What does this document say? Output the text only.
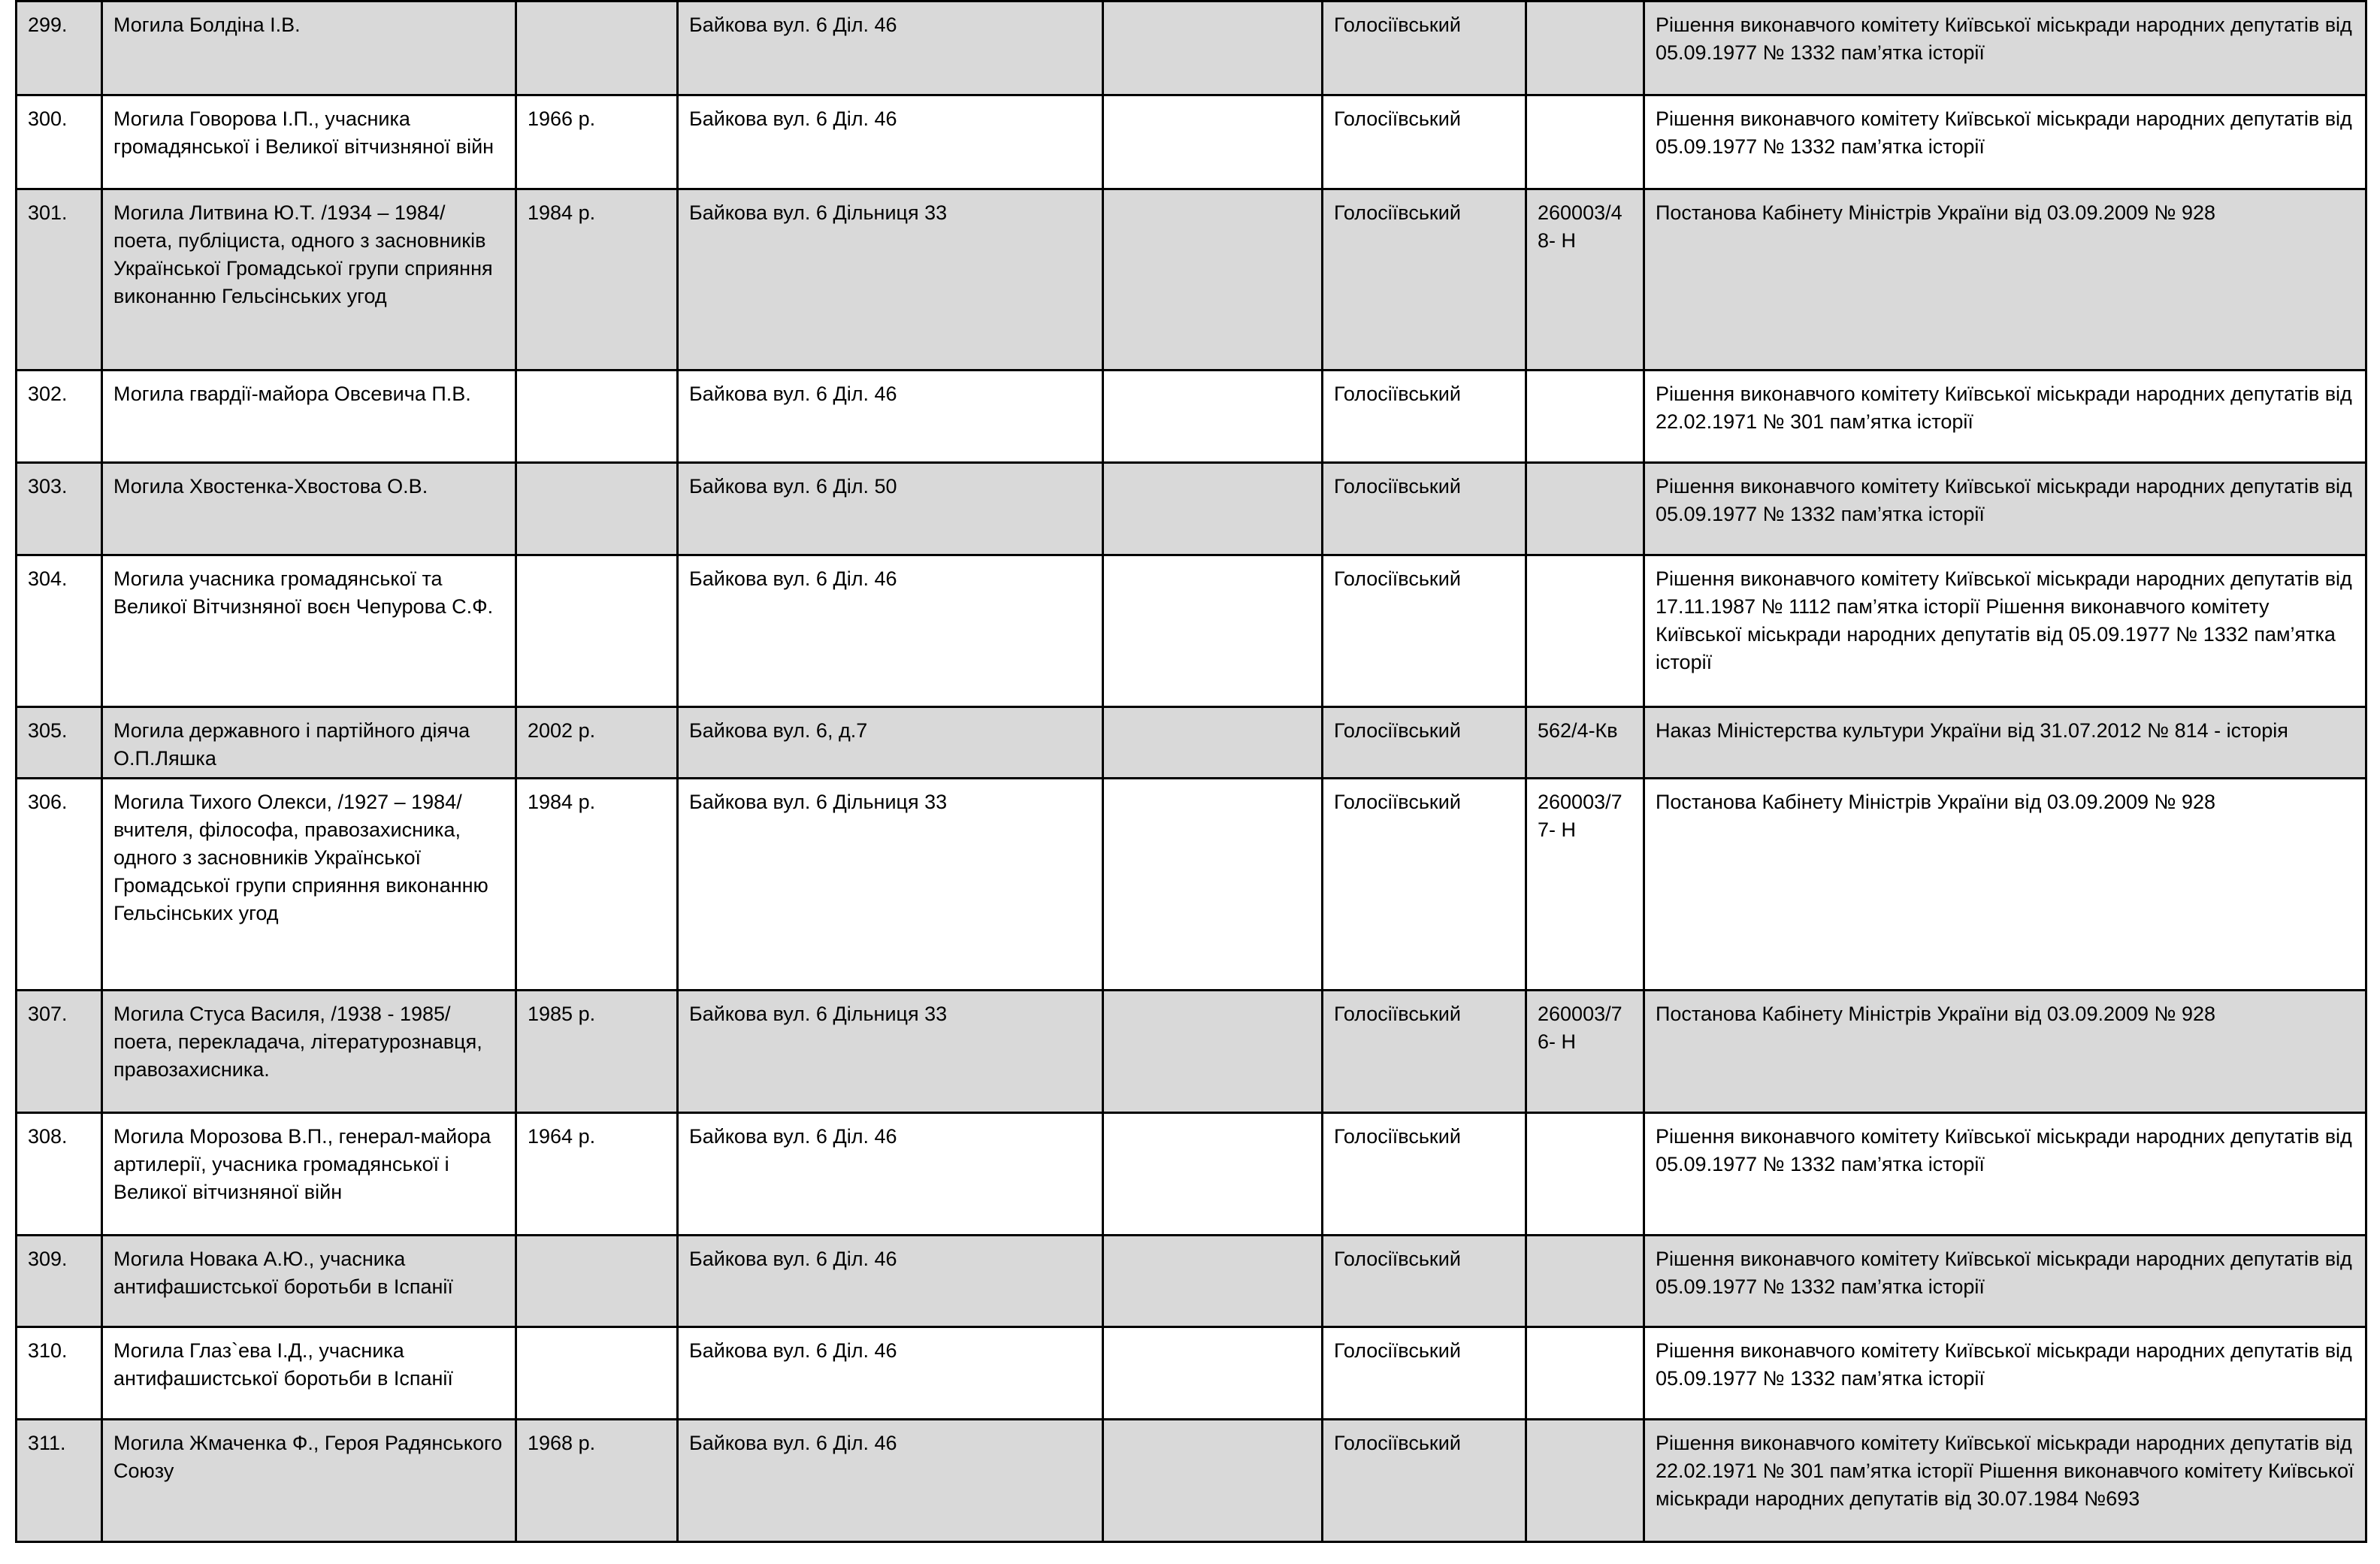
299.	Могила Болдіна І.В.		Байкова вул. 6 Діл. 46		Голосіївський		Рішення виконавчого комітету Київської міськради народних депутатів від 05.09.1977 № 1332 пам’ятка історії
300.	Могила Говорова І.П., учасника громадянської і Великої вітчизняної війн	1966 р.	Байкова вул. 6 Діл. 46		Голосіївський		Рішення виконавчого комітету Київської міськради народних депутатів від 05.09.1977 № 1332 пам’ятка історії
301.	Могила Литвина Ю.Т. /1934 – 1984/ поета, публіциста, одного з засновників Української Громадської групи сприяння виконанню Гельсінських угод	1984 р.	Байкова вул. 6 Дільниця 33		Голосіївський	260003/48- Н	Постанова Кабінету Міністрів України від 03.09.2009 № 928
302.	Могила гвардії-майора Овсевича П.В.		Байкова вул. 6 Діл. 46		Голосіївський		Рішення виконавчого комітету Київської міськради народних депутатів від 22.02.1971 № 301 пам’ятка історії
303.	Могила Хвостенка-Хвостова О.В.		Байкова вул. 6 Діл. 50		Голосіївський		Рішення виконавчого комітету Київської міськради народних депутатів від 05.09.1977 № 1332 пам’ятка історії
304.	Могила учасника громадянської та Великої Вітчизняної воєн Чепурова С.Ф.		Байкова вул. 6 Діл. 46		Голосіївський		Рішення виконавчого комітету Київської міськради народних депутатів від 17.11.1987 № 1112 пам’ятка історії Рішення виконавчого комітету Київської міськради народних депутатів від 05.09.1977 № 1332 пам’ятка історії
305.	Могила державного і партійного діяча О.П.Ляшка	2002 р.	Байкова вул. 6, д.7		Голосіївський	562/4-Кв	Наказ Міністерства культури України від 31.07.2012 № 814 - історія
306.	Могила Тихого Олекси, /1927 – 1984/ вчителя, філософа, правозахисника, одного з засновників Української Громадської групи сприяння виконанню Гельсінських угод	1984 р.	Байкова вул. 6 Дільниця 33		Голосіївський	260003/77- Н	Постанова Кабінету Міністрів України від 03.09.2009 № 928
307.	Могила Стуса Василя, /1938 - 1985/ поета, перекладача, літературознавця, правозахисника.	1985 р.	Байкова вул. 6 Дільниця 33		Голосіївський	260003/76- Н	Постанова Кабінету Міністрів України від 03.09.2009 № 928
308.	Могила Морозова В.П., генерал-майора артилерії, учасника громадянської і Великої вітчизняної війн	1964 р.	Байкова вул. 6 Діл. 46		Голосіївський		Рішення виконавчого комітету Київської міськради народних депутатів від 05.09.1977 № 1332 пам’ятка історії
309.	Могила Новака А.Ю., учасника антифашистської боротьби в Іспанії		Байкова вул. 6 Діл. 46		Голосіївський		Рішення виконавчого комітету Київської міськради народних депутатів від 05.09.1977 № 1332 пам’ятка історії
310.	Могила Глаз`ева І.Д., учасника антифашистської боротьби в Іспанії		Байкова вул. 6 Діл. 46		Голосіївський		Рішення виконавчого комітету Київської міськради народних депутатів від 05.09.1977 № 1332 пам’ятка історії
311.	Могила Жмаченка Ф., Героя Радянського Союзу	1968 р.	Байкова вул. 6 Діл. 46		Голосіївський		Рішення виконавчого комітету Київської міськради народних депутатів від 22.02.1971 № 301 пам’ятка історії Рішення виконавчого комітету Київської міськради народних депутатів від 30.07.1984 №693
